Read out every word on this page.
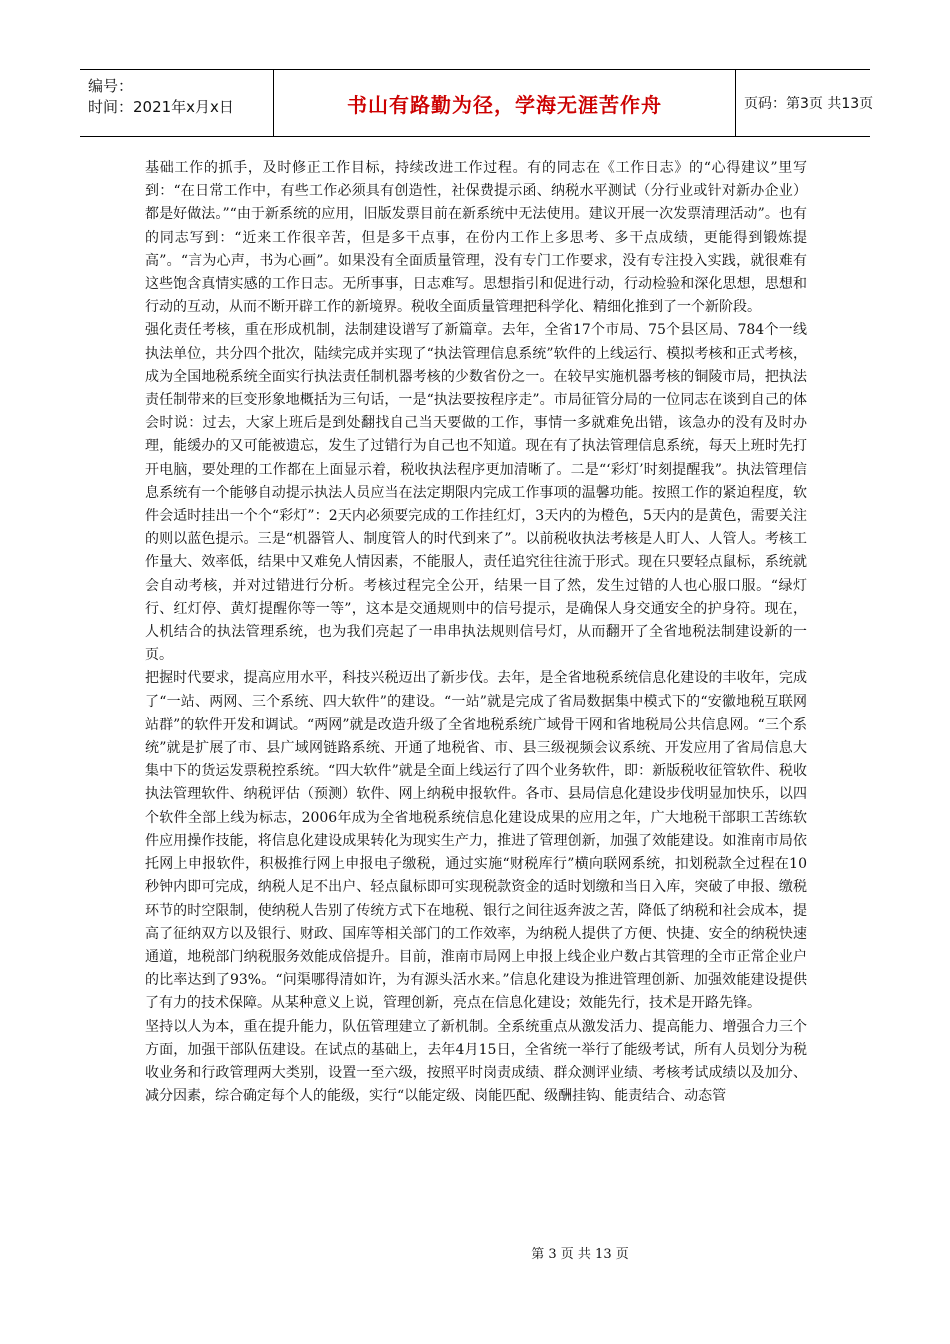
编号：
时间：2021年x月x日	书山有路勤为径，学海无涯苦作舟	页码：第3页 共13页

基础工作的抓手，及时修正工作目标，持续改进工作过程。有的同志在《工作日志》的“心得建议”里写到：“在日常工作中，有些工作必须具有创造性，社保费提示函、纳税水平测试（分行业或针对新办企业）都是好做法。”“由于新系统的应用，旧版发票目前在新系统中无法使用。建议开展一次发票清理活动”。也有的同志写到：“近来工作很辛苦，但是多干点事，在份内工作上多思考、多干点成绩，更能得到锻炼提高”。“言为心声，书为心画”。如果没有全面质量管理，没有专门工作要求，没有专注投入实践，就很难有这些饱含真情实感的工作日志。无所事事，日志难写。思想指引和促进行动，行动检验和深化思想，思想和行动的互动，从而不断开辟工作的新境界。税收全面质量管理把科学化、精细化推到了一个新阶段。

强化责任考核，重在形成机制，法制建设谱写了新篇章。去年，全省17个市局、75个县区局、784个一线执法单位，共分四个批次，陆续完成并实现了“执法管理信息系统”软件的上线运行、模拟考核和正式考核，成为全国地税系统全面实行执法责任制机器考核的少数省份之一。在较早实施机器考核的铜陵市局，把执法责任制带来的巨变形象地概括为三句话，一是“执法要按程序走”。市局征管分局的一位同志在谈到自己的体会时说：过去，大家上班后是到处翻找自己当天要做的工作，事情一多就难免出错，该急办的没有及时办理，能缓办的又可能被遗忘，发生了过错行为自己也不知道。现在有了执法管理信息系统，每天上班时先打开电脑，要处理的工作都在上面显示着，税收执法程序更加清晰了。二是“‘彩灯’时刻提醒我”。执法管理信息系统有一个能够自动提示执法人员应当在法定期限内完成工作事项的温馨功能。按照工作的紧迫程度，软件会适时挂出一个个“彩灯”：2天内必须要完成的工作挂红灯，3天内的为橙色，5天内的是黄色，需要关注的则以蓝色提示。三是“机器管人、制度管人的时代到来了”。以前税收执法考核是人盯人、人管人。考核工作量大、效率低，结果中又难免人情因素，不能服人，责任追究往往流于形式。现在只要轻点鼠标，系统就会自动考核，并对过错进行分析。考核过程完全公开，结果一目了然，发生过错的人也心服口服。“绿灯行、红灯停、黄灯提醒你等一等”，这本是交通规则中的信号提示，是确保人身交通安全的护身符。现在，人机结合的执法管理系统，也为我们亮起了一串串执法规则信号灯，从而翻开了全省地税法制建设新的一页。

把握时代要求，提高应用水平，科技兴税迈出了新步伐。去年，是全省地税系统信息化建设的丰收年，完成了“一站、两网、三个系统、四大软件”的建设。“一站”就是完成了省局数据集中模式下的“安徽地税互联网站群”的软件开发和调试。“两网”就是改造升级了全省地税系统广域骨干网和省地税局公共信息网。“三个系统”就是扩展了市、县广域网链路系统、开通了地税省、市、县三级视频会议系统、开发应用了省局信息大集中下的货运发票税控系统。“四大软件”就是全面上线运行了四个业务软件，即：新版税收征管软件、税收执法管理软件、纳税评估（预测）软件、网上纳税申报软件。各市、县局信息化建设步伐明显加快乐，以四个软件全部上线为标志，2006年成为全省地税系统信息化建设成果的应用之年，广大地税干部职工苦练软件应用操作技能，将信息化建设成果转化为现实生产力，推进了管理创新，加强了效能建设。如淮南市局依托网上申报软件，积极推行网上申报电子缴税，通过实施“财税库行”横向联网系统，扣划税款全过程在10秒钟内即可完成，纳税人足不出户、轻点鼠标即可实现税款资金的适时划缴和当日入库，突破了申报、缴税环节的时空限制，使纳税人告别了传统方式下在地税、银行之间往返奔波之苦，降低了纳税和社会成本，提高了征纳双方以及银行、财政、国库等相关部门的工作效率，为纳税人提供了方便、快捷、安全的纳税快速通道，地税部门纳税服务效能成倍提升。目前，淮南市局网上申报上线企业户数占其管理的全市正常企业户的比率达到了93%。“问渠哪得清如许，为有源头活水来。”信息化建设为推进管理创新、加强效能建设提供了有力的技术保障。从某种意义上说，管理创新，亮点在信息化建设；效能先行，技术是开路先锋。

坚持以人为本，重在提升能力，队伍管理建立了新机制。全系统重点从激发活力、提高能力、增强合力三个方面，加强干部队伍建设。在试点的基础上，去年4月15日，全省统一举行了能级考试，所有人员划分为税收业务和行政管理两大类别，设置一至六级，按照平时岗责成绩、群众测评业绩、考核考试成绩以及加分、减分因素，综合确定每个人的能级，实行“以能定级、岗能匹配、级酬挂钩、能责结合、动态管

第 3 页 共 13 页
